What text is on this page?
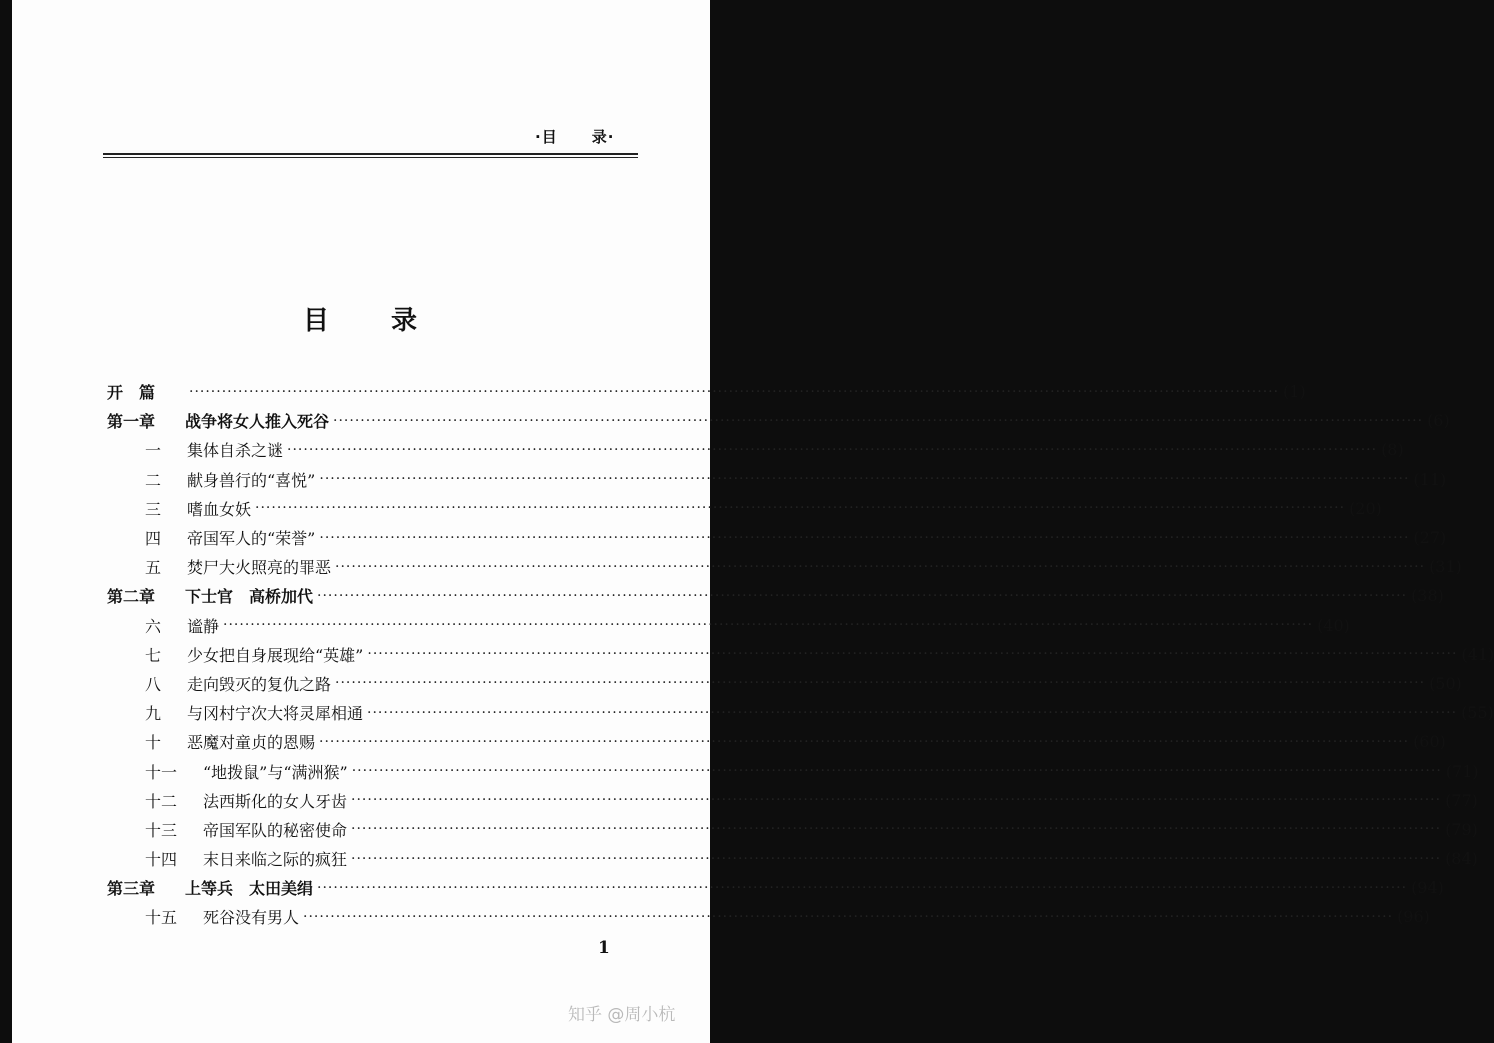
·目 录·
目 录
开　篇	········································································································································································································ (1)
第一章 战争将女人推入死谷 ········································································································································································································ (6)
一 集体自杀之谜 ········································································································································································································ (8)
二 献身兽行的“喜悦” ········································································································································································································ (11)
三 嗜血女妖 ········································································································································································································ (20)
四 帝国军人的“荣誉” ········································································································································································································ (27)
五 焚尸大火照亮的罪恶 ········································································································································································································ (31)
第二章 下士官　高桥加代 ········································································································································································································ (38)
六 谧静 ········································································································································································································ (40)
七 少女把自身展现给“英雄” ········································································································································································································ (41)
八 走向毁灭的复仇之路 ········································································································································································································ (50)
九 与冈村宁次大将灵犀相通 ········································································································································································································ (55)
十 恶魔对童贞的恩赐 ········································································································································································································ (60)
十一 “地拨鼠”与“满洲猴” ········································································································································································································ (71)
十二 法西斯化的女人牙齿 ········································································································································································································ (77)
十三 帝国军队的秘密使命 ········································································································································································································ (79)
十四 末日来临之际的疯狂 ········································································································································································································ (84)
第三章 上等兵　太田美绢 ········································································································································································································ (94)
十五 死谷没有男人 ········································································································································································································ (96)
1
知乎 @周小杭
